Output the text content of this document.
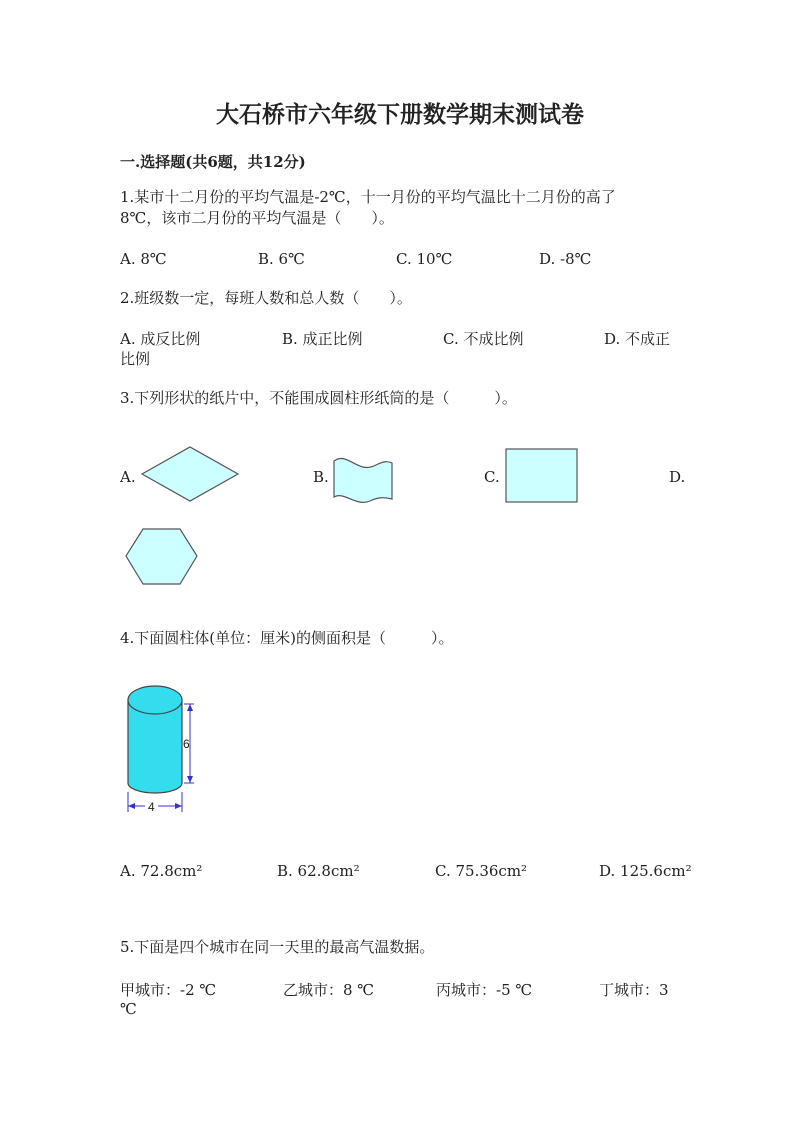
大石桥市六年级下册数学期末测试卷
一.选择题(共6题，共12分)
1.某市十二月份的平均气温是-2℃，十一月份的平均气温比十二月份的高了
8℃，该市二月份的平均气温是（　　）。
A. 8℃	B. 6℃	C. 10℃	D. -8℃
2.班级数一定，每班人数和总人数（　　）。
A. 成反比例	B. 成正比例	C. 不成比例	D. 不成正
比例
3.下列形状的纸片中，不能围成圆柱形纸筒的是（　　　）。
A.	B.	C.	D.
4.下面圆柱体(单位：厘米)的侧面积是（　　　）。
6
4
A. 72.8cm²	B. 62.8cm²	C. 75.36cm²	D. 125.6cm²
5.下面是四个城市在同一天里的最高气温数据。
甲城市：-2 ℃	乙城市：8 ℃	丙城市：-5 ℃	丁城市：3
℃
